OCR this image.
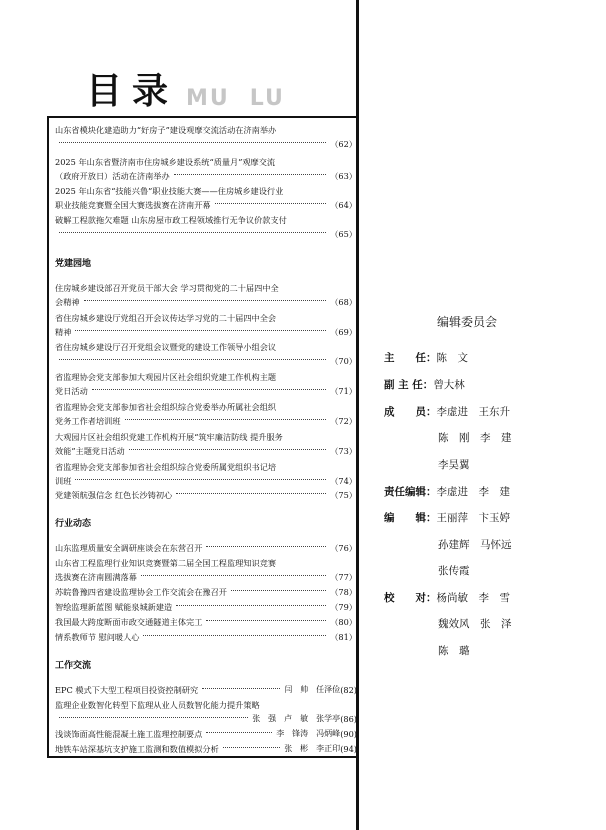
目录 MU LU
山东省模块化建造助力“好房子”建设观摩交流活动在济南举办
（62）
2025 年山东省暨济南市住房城乡建设系统“质量月”观摩交流
（政府开放日）活动在济南举办	（63）
2025 年山东省“技能兴鲁”职业技能大赛——住房城乡建设行业
职业技能竞赛暨全国大赛选拔赛在济南开幕	（64）
破解工程款拖欠难题 山东房屋市政工程领域推行无争议价款支付
（65）
党建园地
住房城乡建设部召开党员干部大会 学习贯彻党的二十届四中全
会精神	（68）
省住房城乡建设厅党组召开会议传达学习党的二十届四中全会
精神	（69）
省住房城乡建设厅召开党组会议暨党的建设工作领导小组会议
（70）
省监理协会党支部参加大观园片区社会组织党建工作机构主题
党日活动	（71）
省监理协会党支部参加省社会组织综合党委举办所属社会组织
党务工作者培训班	（72）
大观园片区社会组织党建工作机构开展“筑牢廉洁防线 提升服务
效能”主题党日活动	（73）
省监理协会党支部参加省社会组织综合党委所属党组织书记培
训班	（74）
党建领航强信念 红色长沙铸初心	（75）
行业动态
山东监理质量安全调研座谈会在东营召开	（76）
山东省工程监理行业知识竞赛暨第二届全国工程监理知识竞赛
选拔赛在济南圆满落幕	（77）
苏皖鲁豫四省建设监理协会工作交流会在豫召开	（78）
智绘监理新蓝图 赋能泉城新建造	（79）
我国最大跨度断面市政交通隧道主体完工	（80）
情系教师节 慰问暖人心	（81）
工作交流
EPC 模式下大型工程项目投资控制研究	闫　帅　任泽俭 (82)
监理企业数智化转型下监理从业人员数智化能力提升策略
张　强　卢　敏　张学亭 (86)
浅谈饰面高性能混凝土施工监理控制要点	李　锋涛　冯炳峰 (90)
地铁车站深基坑支护施工监测和数值模拟分析	张　彬　李正印 (94)
编辑委员会
主　　任：陈　文
副 主 任：曾大林
成　　员：李虚进　王东升
陈　刚　李　建
李昊翼
责任编辑：李虚进　李　建
编　　辑：王丽萍　卞玉婷
孙建辉　马怀远
张传霞
校　　对：杨尚敏　李　雪
魏效风　张　泽
陈　璐
